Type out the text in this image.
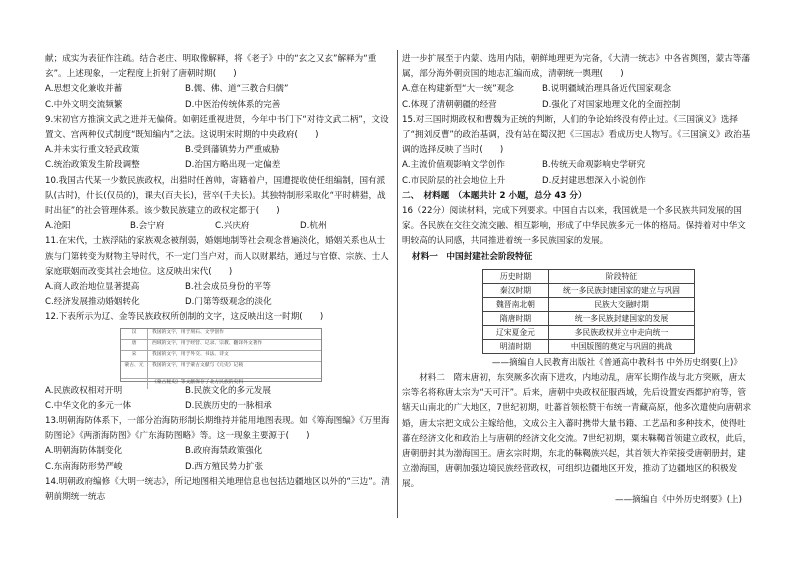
献；成实为表征作注疏。结合老庄、明取像解释，将《老子》中的“玄之又玄”解释为“重玄”。上述现象，一定程度上折射了唐朝时期(　　)

A.思想文化兼收并蓄	B.儒、佛、道“三教合归儒”
C.中外文明交流频繁	D.中医治传统体系的完善

9.宋初官方推演文武之进并无偏倚。如朝廷重视进贤，今年中书门下“对待文武二柄”，文设置文、宫两种仪式制度“既知编内”之法。这说明宋时期的中央政府(　　)

A.并未实行重文轻武政策	B.受到藩镇势力严重威胁
C.统治政策发生阶段调整	D.治国方略出现一定偏差

10.我国古代某一少数民族政权，出猎时任酋帅，寄籍着户，国遭提收使任组编制，国有派队(古时)，什长(仅员的)，课夫(百夫长)，营卒(千夫长)。其独特制形采取化“平时耕猎，战时出征”的社会管理体系。该少数民族建立的政权定都于(　　)

A.沧阳	B.会宁府	C.兴庆府	D.杭州

11.在宋代，士族浮陆的家族观念被削弱，婚姻地制等社会观念普遍淡化，婚姻关系也从士族与门第转变为财物主导时代，不一定门当户对，而人以财累结，通过与官僚、宗族、士人家庭联姻而改变其社会地位。这反映出宋代(　　)

A.商人政治地位显著提高	B.社会成员身份的平等
C.经济发展推动婚姻转化	D.门第等级观念的淡化

12.下表所示为辽、金等民族政权所创制的文字，这反映出这一时期(　　)

汉	我国的文字，用于刻石、文学创作
唐	西域的文字，用于经营、记录、宗教、翻译外文著作
宋	我国的文字，用于外交、书法、诗文
蒙古、元	我国的文字，用于蒙古文献与《元史》记载
《蒙古秘史》等文献保存了北方民族的史料
A.民族政权相对开明	B.民族文化的多元发展
C.中华文化的多元一体	D.民族历史的一脉相承

13.明朝海防体系下，一部分治海防形制长期维持并能用地图表现。如《筹海图编》《万里海防图论》《两浙海防图》《广东海防图略》等。这一现象主要源于(　　)

A.明朝海防体制变化	B.政府海禁政策强化
C.东南海防形势严峻	D.西方殖民势力扩张

14.明朝政府编修《大明一统志》，所记地图相关地理信息也包括边疆地区以外的“三边”。清朝前期统一统志

进一步扩展至于内蒙、选用内陆，朝鲜地理更为完备，《大清一统志》中各省舆图，蒙古等藩属，部分海外朝贡国的地志汇编而成，清朝统一舆理(　　)

A.意在构建新型“大一统”观念	B.说明疆域治理具备近代国家观念
C.体现了清朝朝疆的经营	D.强化了对国家地理文化的全面控制

15.对三国时期政权和曹魏为正统的判断，人们的争论始终没有停止过。《三国演义》选择了“拥刘反曹”的政治基调，没有站在蜀汉把《三国志》看成历史人物写。《三国演义》政治基调的选择反映了当时(　　)

A.主流价值观影响文学创作	B.传统天命观影响史学研究
C.市民阶层的社会地位上升	D.反封建思想深入小说创作

二、　材料题　（本题共计 2 小题，总分 43 分）

16（22分）阅读材料，完成下列要求。中国自古以来，我国就是一个多民族共同发展的国家。各民族在交往交流交融、相互影响，形成了中华民族多元一体的格局。保持着对中华文明较高的认同感，共同推进着统一多民族国家的发展。

材料一　中国封建社会阶段特征

历史时期	阶段特征
秦汉时期	统一多民族封建国家的建立与巩固
魏晋南北朝	民族大交融时期
隋唐时期	统一多民族封建国家的发展
辽宋夏金元	多民族政权并立中走向统一
明清时期	中国版图的奠定与巩固的挑战

——摘编自人民教育出版社《普通高中教科书 中外历史纲要(上)》

材料二　隋末唐初，东突厥多次南下进攻，内地动乱，唐军长期作战与北方突厥，唐太宗等名将称唐太宗为“天可汗”。后来，唐朝中央政权征服西域，先后设置安西都护府等，管辖天山南北的广大地区，7世纪初期，吐蕃首领松赞干布统一青藏高原，他多次遣使向唐朝求婚，唐太宗把文成公主嫁给他，文成公主入蕃时携带大量书籍、工艺品和多种技术，使得吐蕃在经济文化和政治上与唐朝的经济文化交流。7世纪初期，粟末靺鞨首领建立政权，此后，唐朝册封其为渤海国王。唐玄宗时期，东北的靺鞨族兴起，其首领大祚荣接受唐朝册封，建立渤海国，唐朝加强边境民族经营政权，可组织边疆地区开发，推动了边疆地区的积极发展。

——摘编自《中外历史纲要》(上)
